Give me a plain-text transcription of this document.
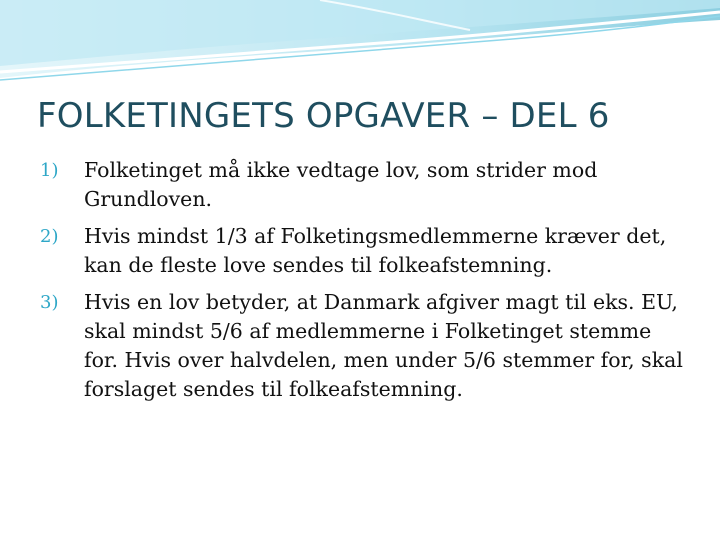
FOLKETINGETS OPGAVER – DEL 6
1) Folketinget må ikke vedtage lov, som strider mod Grundloven.
2) Hvis mindst 1/3 af Folketingsmedlemmerne kræver det, kan de fleste love sendes til folkeafstemning.
3) Hvis en lov betyder, at Danmark afgiver magt til eks. EU, skal mindst 5/6 af medlemmerne i Folketinget stemme for. Hvis over halvdelen, men under 5/6 stemmer for, skal forslaget sendes til folkeafstemning.
